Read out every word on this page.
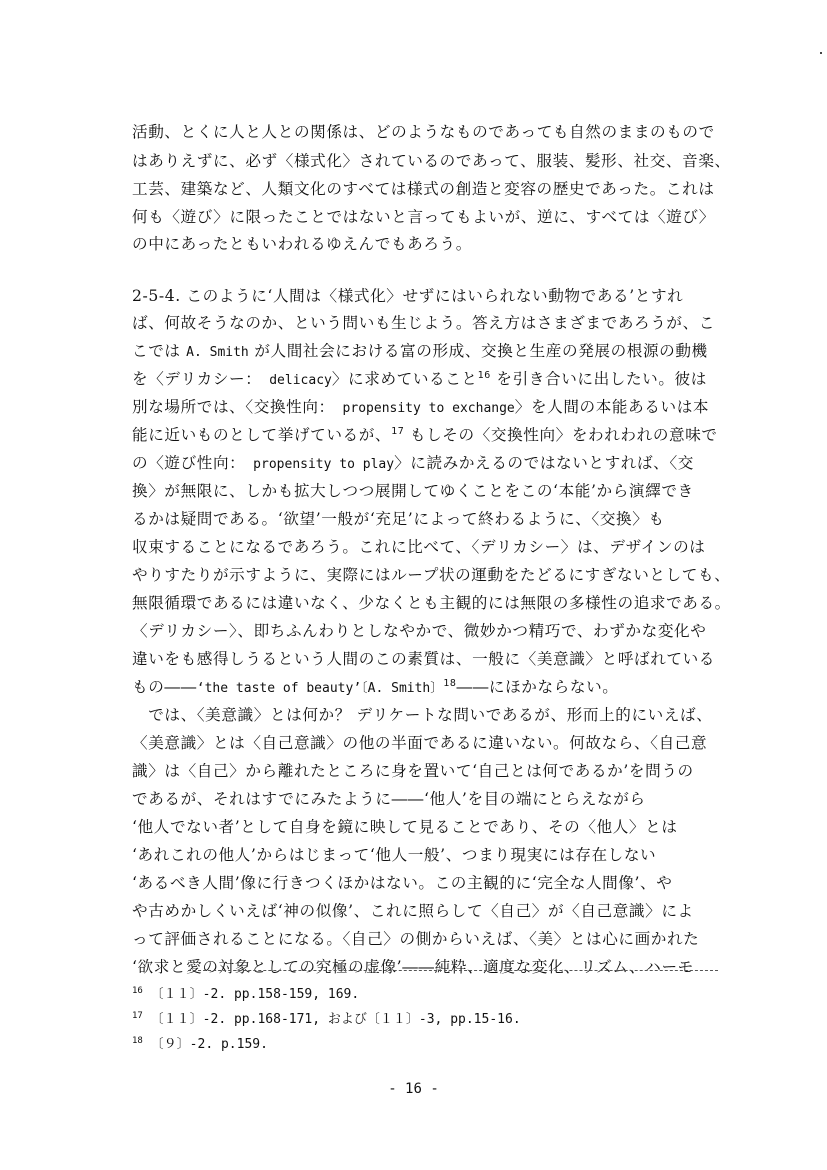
活動、とくに人と人との関係は、どのようなものであっても自然のままのもので
はありえずに、必ず〈様式化〉されているのであって、服装、髪形、社交、音楽、
工芸、建築など、人類文化のすべては様式の創造と変容の歴史であった。これは
何も〈遊び〉に限ったことではないと言ってもよいが、逆に、すべては〈遊び〉
の中にあったともいわれるゆえんでもあろう。
2-5-4. このように‘人間は〈様式化〉せずにはいられない動物である’とすれ
ば、何故そうなのか、という問いも生じよう。答え方はさまざまであろうが、こ
こでは A. Smith が人間社会における富の形成、交換と生産の発展の根源の動機
を〈デリカシー： delicacy〉に求めていること$^{16}$ を引き合いに出したい。彼は
別な場所では、〈交換性向： propensity to exchange〉を人間の本能あるいは本
能に近いものとして挙げているが、$^{17}$ もしその〈交換性向〉をわれわれの意味で
の〈遊び性向： propensity to play〉に読みかえるのではないとすれば、〈交
換〉が無限に、しかも拡大しつつ展開してゆくことをこの‘本能’から演繹でき
るかは疑問である。‘欲望’一般が‘充足’によって終わるように、〈交換〉も
収束することになるであろう。これに比べて、〈デリカシー〉は、デザインのは
やりすたりが示すように、実際にはループ状の運動をたどるにすぎないとしても、
無限循環であるには違いなく、少なくとも主観的には無限の多様性の追求である。
〈デリカシー〉、即ちふんわりとしなやかで、微妙かつ精巧で、わずかな変化や
違いをも感得しうるという人間のこの素質は、一般に〈美意識〉と呼ばれている
もの――‘the taste of beauty’〔A. Smith〕$^{18}$――にほかならない。
　では、〈美意識〉とは何か？ デリケートな問いであるが、形而上的にいえば、
〈美意識〉とは〈自己意識〉の他の半面であるに違いない。何故なら、〈自己意
識〉は〈自己〉から離れたところに身を置いて‘自己とは何であるか’を問うの
であるが、それはすでにみたように――‘他人’を目の端にとらえながら
‘他人でない者’として自身を鏡に映して見ることであり、その〈他人〉とは
‘あれこれの他人’からはじまって‘他人一般’、つまり現実には存在しない
‘あるべき人間’像に行きつくほかはない。この主観的に‘完全な人間像’、や
や古めかしくいえば‘神の似像’、これに照らして〈自己〉が〈自己意識〉によ
って評価されることになる。〈自己〉の側からいえば、〈美〉とは心に画かれた
‘欲求と愛の対象としての究極の虚像’――純粋、適度な変化、リズム、ハーモ
$^{16}$ 〔１１〕-2. pp.158-159, 169.
$^{17}$ 〔１１〕-2. pp.168-171, および〔１１〕-3, pp.15-16.
$^{18}$ 〔９〕-2. p.159.
- 16 -
